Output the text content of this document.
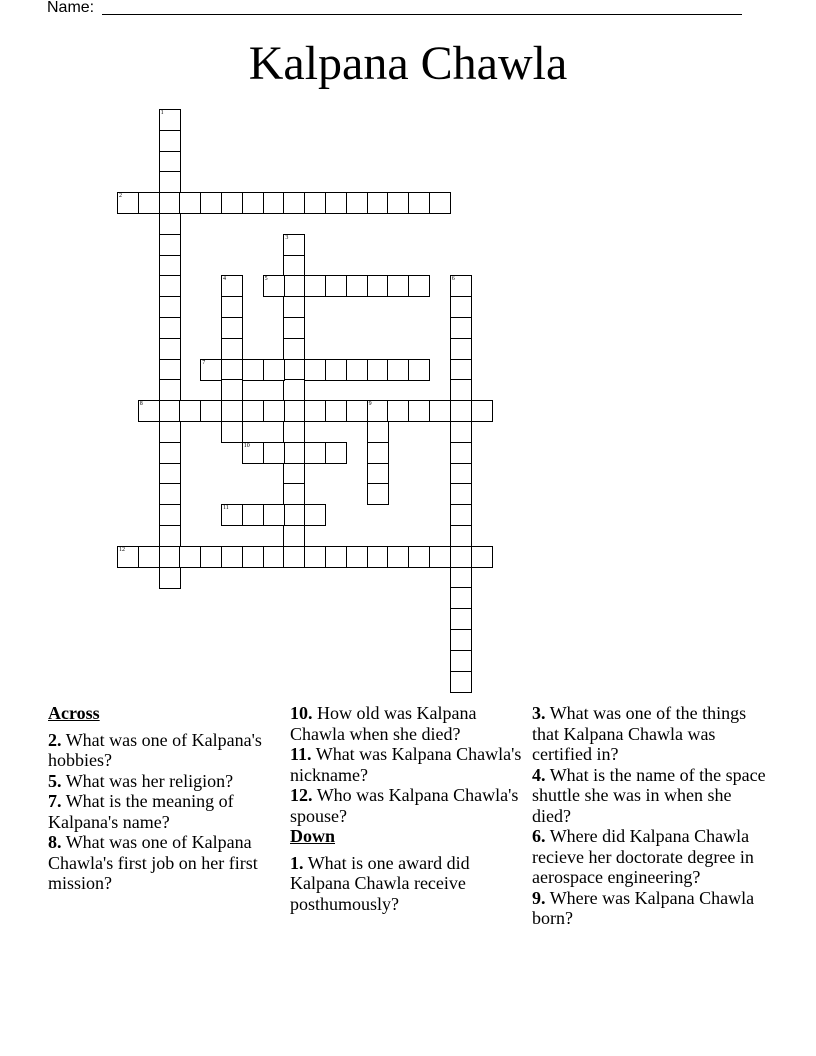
Name:
Kalpana Chawla
1
2
3
4	5	6
7
8	9
10
11
12
Across
2. What was one of Kalpana's hobbies?
5. What was her religion?
7. What is the meaning of Kalpana's name?
8. What was one of Kalpana Chawla's first job on her first mission?
10. How old was Kalpana Chawla when she died?
11. What was Kalpana Chawla's nickname?
12. Who was Kalpana Chawla's spouse?
Down
1. What is one award did Kalpana Chawla receive posthumously?
3. What was one of the things that Kalpana Chawla was certified in?
4. What is the name of the space shuttle she was in when she died?
6. Where did Kalpana Chawla recieve her doctorate degree in aerospace engineering?
9. Where was Kalpana Chawla born?
